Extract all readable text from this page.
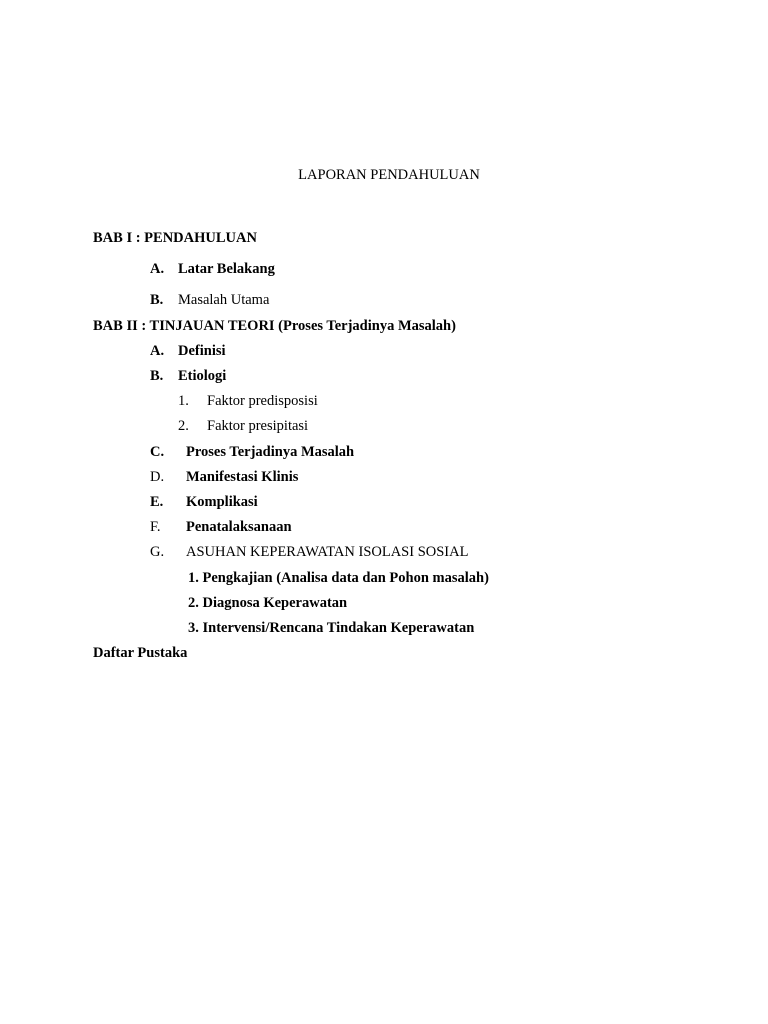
LAPORAN PENDAHULUAN
BAB I : PENDAHULUAN
A. Latar Belakang
B. Masalah Utama
BAB II : TINJAUAN TEORI (Proses Terjadinya Masalah)
A. Definisi
B. Etiologi
1. Faktor predisposisi
2. Faktor presipitasi
C. Proses Terjadinya Masalah
D. Manifestasi Klinis
E. Komplikasi
F. Penatalaksanaan
G. ASUHAN KEPERAWATAN ISOLASI SOSIAL
1. Pengkajian (Analisa data dan Pohon masalah)
2. Diagnosa Keperawatan
3. Intervensi/Rencana Tindakan Keperawatan
Daftar Pustaka
